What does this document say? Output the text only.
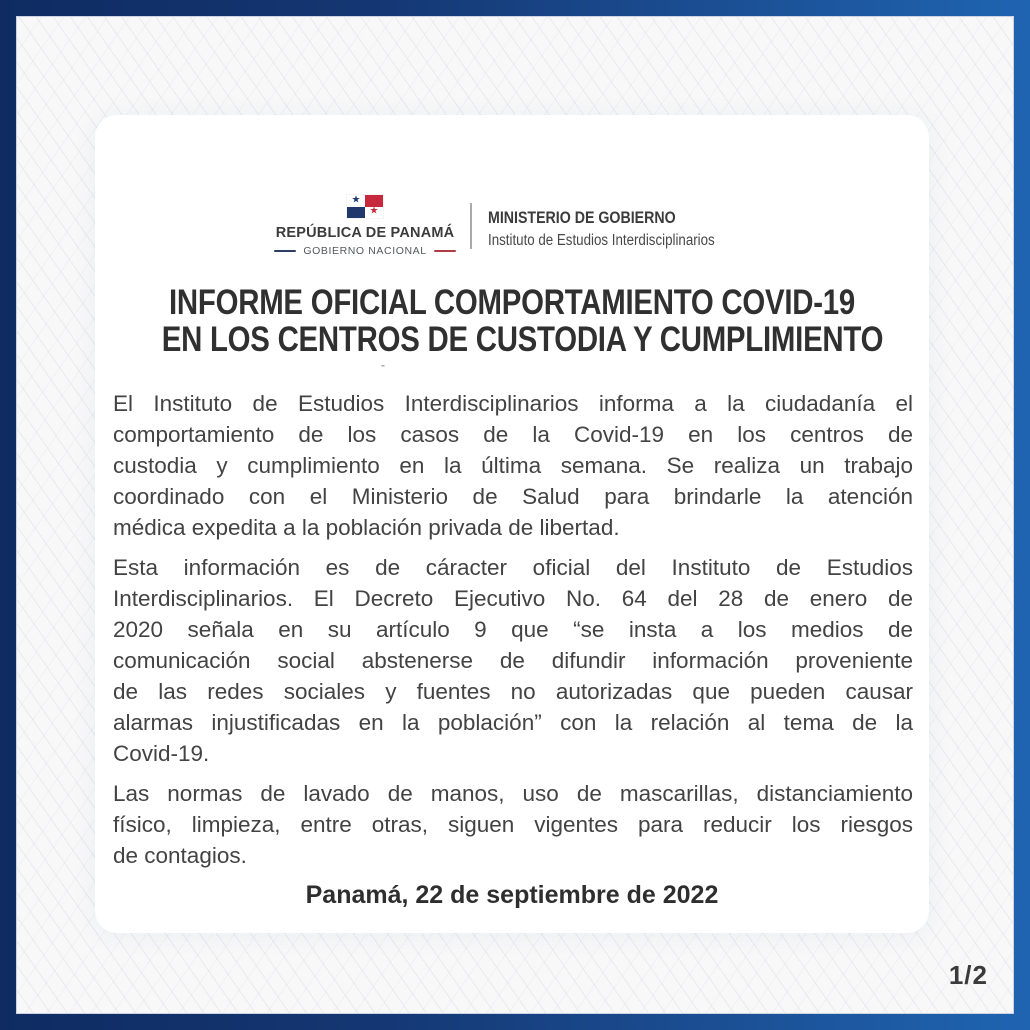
★
★
REPÚBLICA DE PANAMÁ
GOBIERNO NACIONAL
MINISTERIO DE GOBIERNO
Instituto de Estudios Interdisciplinarios
INFORME OFICIAL COMPORTAMIENTO COVID-19
EN LOS CENTROS DE CUSTODIA Y CUMPLIMIENTO
-
El Instituto de Estudios Interdisciplinarios informa a la ciudadanía el
comportamiento de los casos de la Covid-19 en los centros de
custodia y cumplimiento en la última semana. Se realiza un trabajo
coordinado con el Ministerio de Salud para brindarle la atención
médica expedita a la población privada de libertad.
Esta información es de cáracter oficial del Instituto de Estudios
Interdisciplinarios. El Decreto Ejecutivo No. 64 del 28 de enero de
2020 señala en su artículo 9 que “se insta a los medios de
comunicación social abstenerse de difundir información proveniente
de las redes sociales y fuentes no autorizadas que pueden causar
alarmas injustificadas en la población” con la relación al tema de la
Covid-19.
Las normas de lavado de manos, uso de mascarillas, distanciamiento
físico, limpieza, entre otras, siguen vigentes para reducir los riesgos
de contagios.
Panamá, 22 de septiembre de 2022
1/2
